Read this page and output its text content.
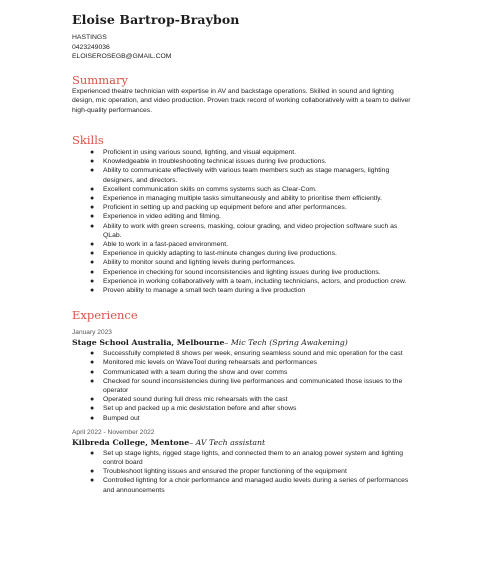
Eloise Bartrop-Braybon
HASTINGS
0423249036
ELOISEROSEGB@GMAIL.COM
Summary
Experienced theatre technician with expertise in AV and backstage operations. Skilled in sound and lighting design, mic operation, and video production. Proven track record of working collaboratively with a team to deliver high-quality performances.
Skills
● Proficient in using various sound, lighting, and visual equipment.
● Knowledgeable in troubleshooting technical issues during live productions.
● Ability to communicate effectively with various team members such as stage managers, lighting designers, and directors.
● Excellent communication skills on comms systems such as Clear-Com.
● Experience in managing multiple tasks simultaneously and ability to prioritise them efficiently.
● Proficient in setting up and packing up equipment before and after performances.
● Experience in video editing and filming.
● Ability to work with green screens, masking, colour grading, and video projection software such as QLab.
● Able to work in a fast-paced environment.
● Experience in quickly adapting to last-minute changes during live productions.
● Ability to monitor sound and lighting levels during performances.
● Experience in checking for sound inconsistencies and lighting issues during live productions.
● Experience in working collaboratively with a team, including technicians, actors, and production crew.
● Proven ability to manage a small tech team during a live production
Experience
January 2023
Stage School Australia, Melbourne– Mic Tech (Spring Awakening)
● Successfully completed 8 shows per week, ensuring seamless sound and mic operation for the cast
● Monitored mic levels on WaveTool during rehearsals and performances
● Communicated with a team during the show and over comms
● Checked for sound inconsistencies during live performances and communicated those issues to the operator
● Operated sound during full dress mic rehearsals with the cast
● Set up and packed up a mic desk/station before and after shows
● Bumped out
April 2022 - November 2022
Kilbreda College, Mentone– AV Tech assistant
● Set up stage lights, rigged stage lights, and connected them to an analog power system and lighting control board
● Troubleshoot lighting issues and ensured the proper functioning of the equipment
● Controlled lighting for a choir performance and managed audio levels during a series of performances and announcements
